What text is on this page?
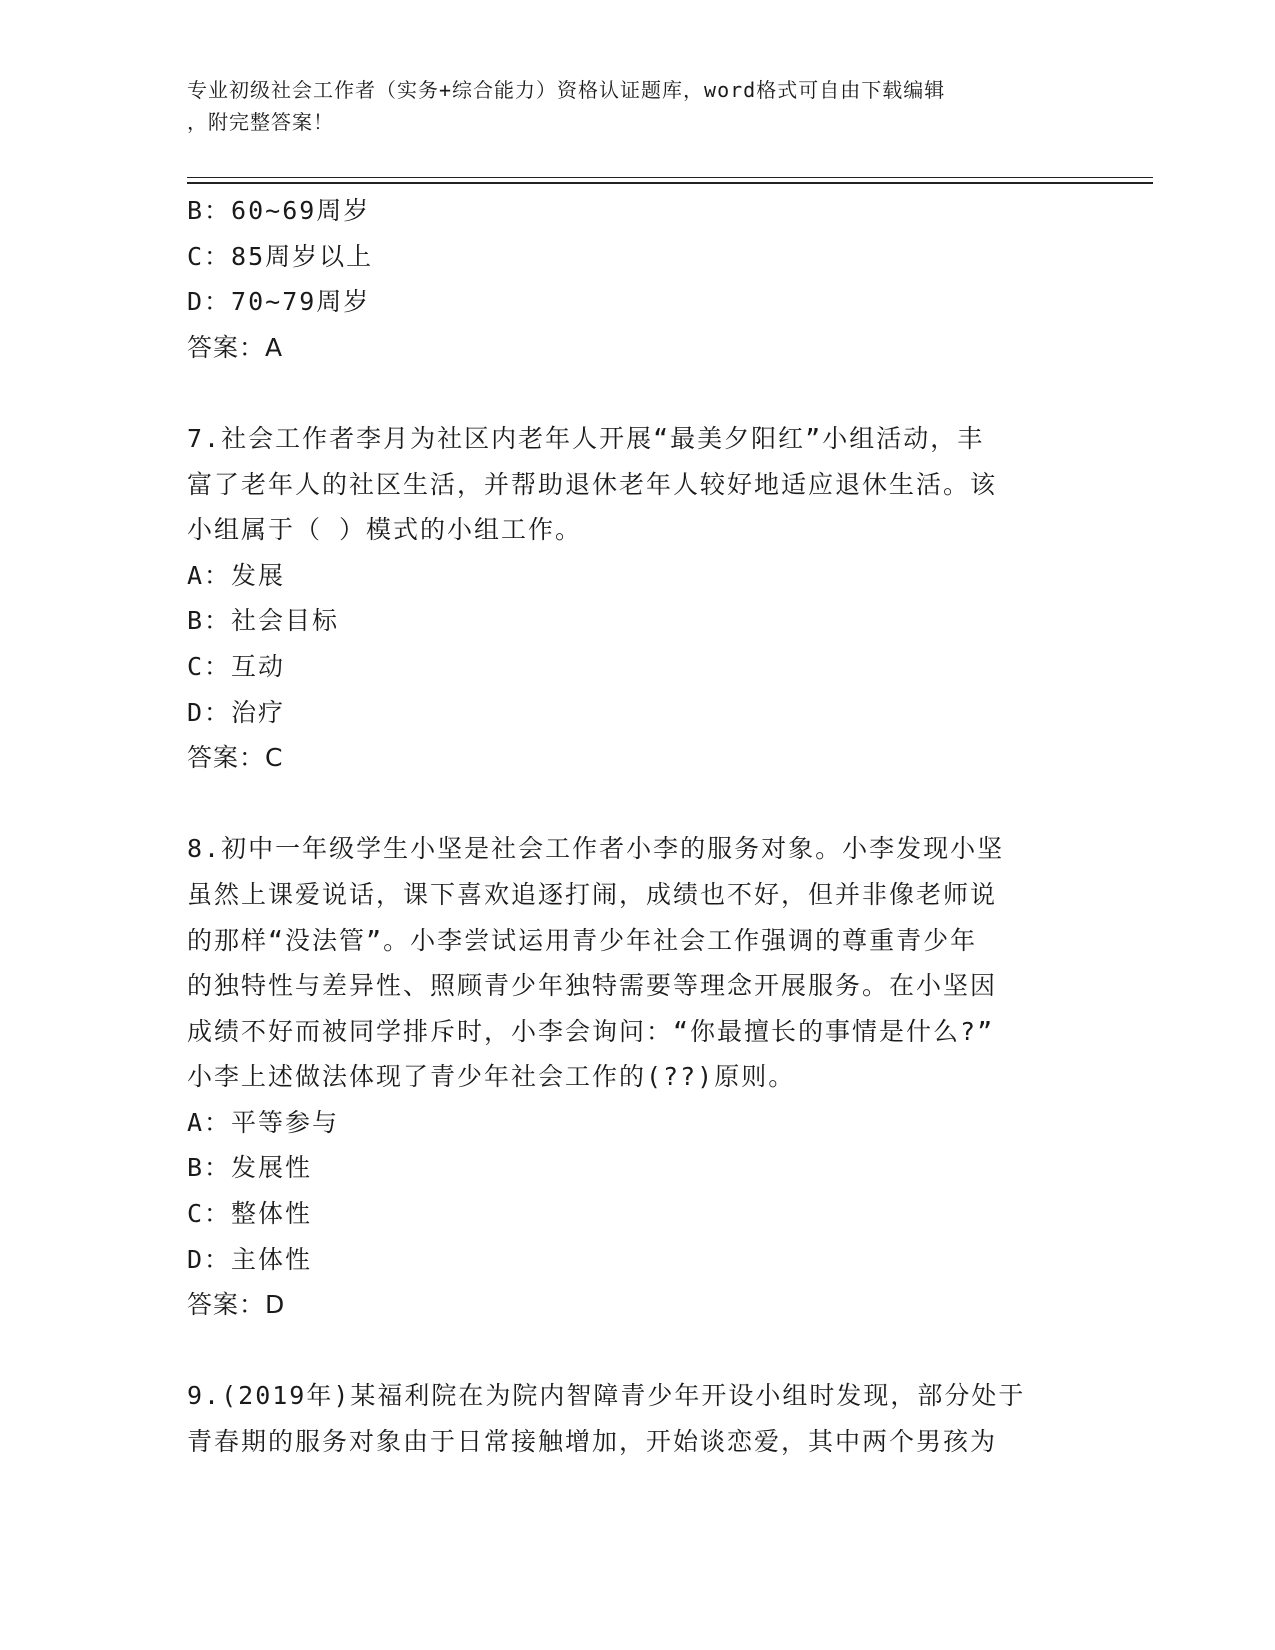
专业初级社会工作者（实务+综合能力）资格认证题库，word格式可自由下载编辑
，附完整答案！
B：60~69周岁
C：85周岁以上
D：70~79周岁
答案：A
7.社会工作者李月为社区内老年人开展“最美夕阳红”小组活动，丰
富了老年人的社区生活，并帮助退休老年人较好地适应退休生活。该
小组属于（ ）模式的小组工作。
A：发展
B：社会目标
C：互动
D：治疗
答案：C
8.初中一年级学生小坚是社会工作者小李的服务对象。小李发现小坚
虽然上课爱说话，课下喜欢追逐打闹，成绩也不好，但并非像老师说
的那样“没法管”。小李尝试运用青少年社会工作强调的尊重青少年
的独特性与差异性、照顾青少年独特需要等理念开展服务。在小坚因
成绩不好而被同学排斥时，小李会询问：“你最擅长的事情是什么?”
小李上述做法体现了青少年社会工作的(??)原则。
A：平等参与
B：发展性
C：整体性
D：主体性
答案：D
9.(2019年)某福利院在为院内智障青少年开设小组时发现，部分处于
青春期的服务对象由于日常接触增加，开始谈恋爱，其中两个男孩为
